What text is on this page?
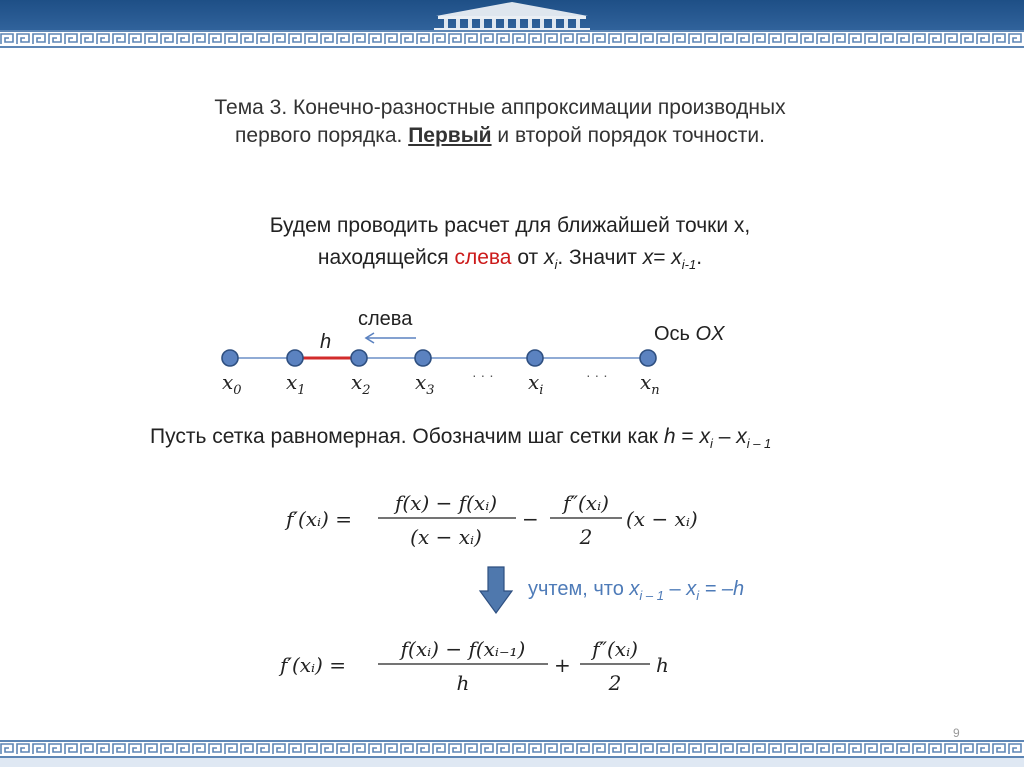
Тема 3. Конечно-разностные аппроксимации производных
первого порядка. Первый и второй порядок точности.
Будем проводить расчет для ближайшей точки x,
находящейся слева от $x_i$. Значит $x= x_{i-1}$.
h
слева
Ось OX
$x_0$ $x_1$ $x_2$ $x_3$	$x_i$	$x_n$
· · ·	· · ·
Пусть сетка равномерная. Обозначим шаг сетки как $h = x_i - x_{i - 1}$
f′(xᵢ) =
f(x) − f(xᵢ)
(x − xᵢ)
−
f″(xᵢ)
2
(x − xᵢ)
учтем, что $x_{i - 1} - x_i = -h$
f′(xᵢ) =
f(xᵢ) − f(xᵢ₋₁)
h
+
f″(xᵢ)
2
h
9
